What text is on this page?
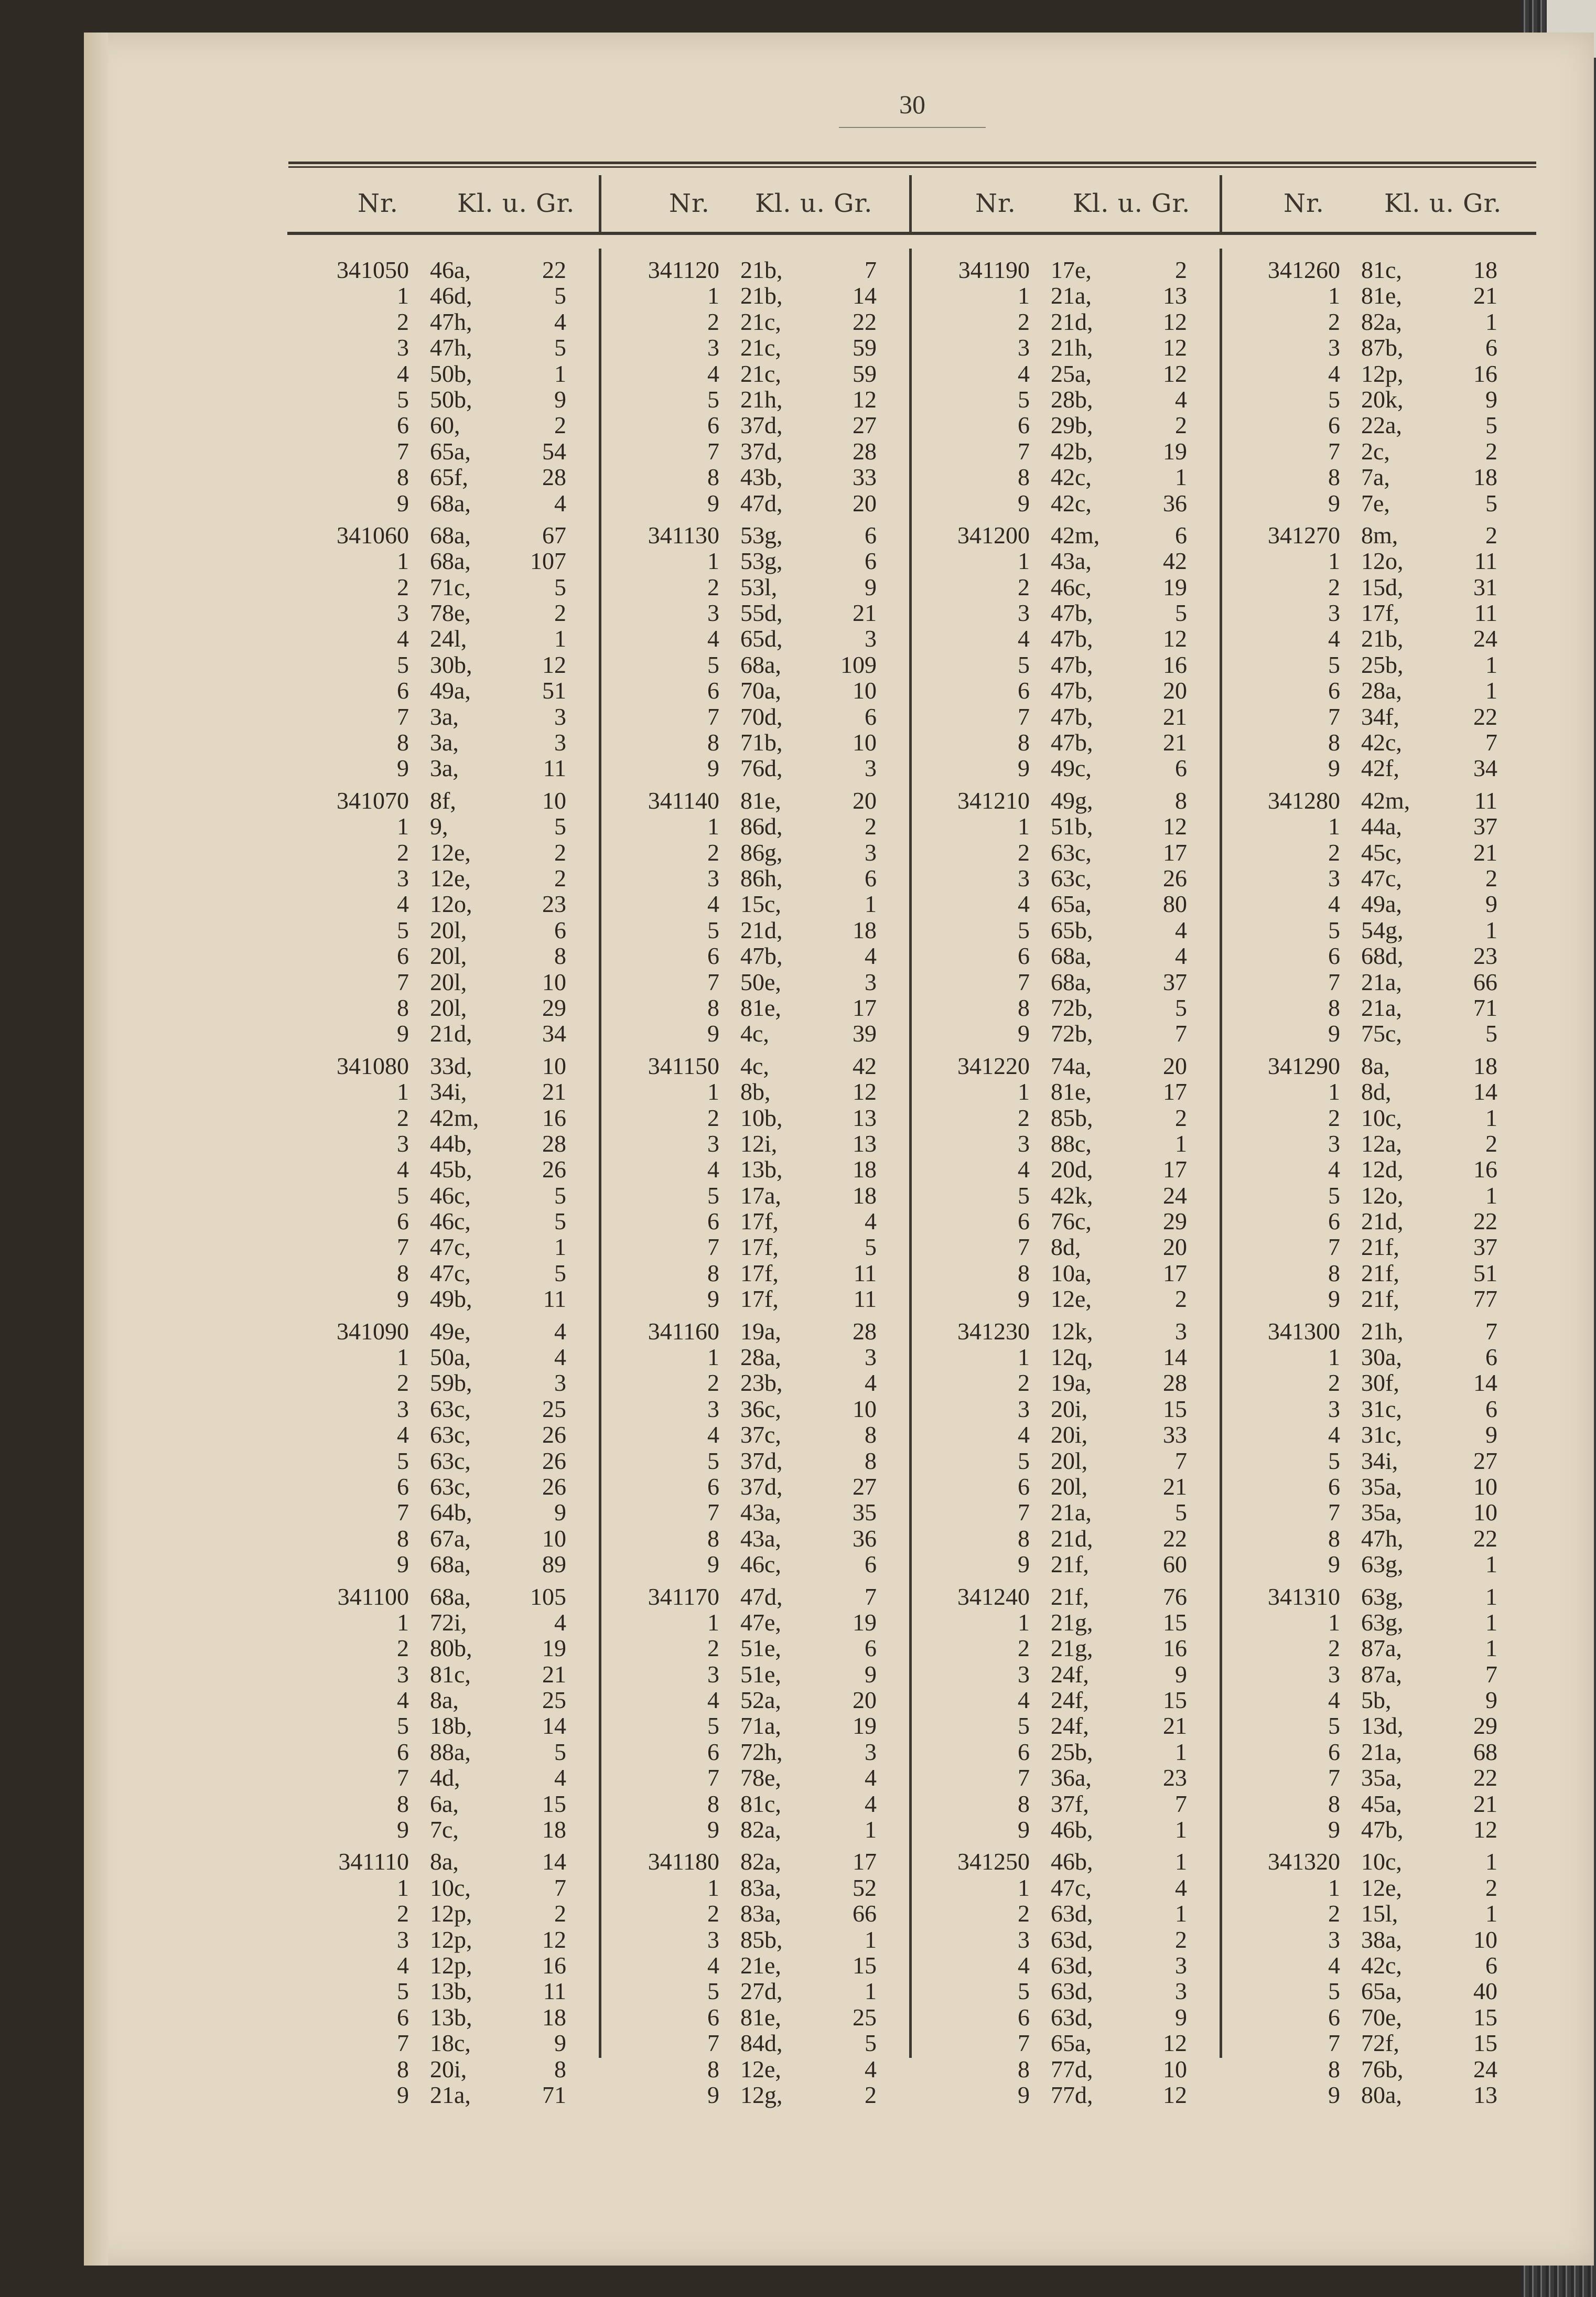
30
Nr. Kl. u. Gr.	Nr. Kl. u. Gr.	Nr. Kl. u. Gr.	Nr. Kl. u. Gr.
341050 46a,	22
1 46d,	5
2 47h,	4
3 47h,	5
4 50b,	1
5 50b,	9
6 60,	2
7 65a,	54
8 65f,	28
9 68a,	4
341060 68a,	67
1 68a, 107
2 71c,	5
3 78e,	2
4 24l,	1
5 30b,	12
6 49a,	51
7 3a,	3
8 3a,	3
9 3a,	11
341070 8f,	10
1 9,	5
2 12e,	2
3 12e,	2
4 12o,	23
5 20l,	6
6 20l,	8
7 20l,	10
8 20l,	29
9 21d,	34
341080 33d,	10
1 34i,	21
2 42m,	16
3 44b,	28
4 45b,	26
5 46c,	5
6 46c,	5
7 47c,	1
8 47c,	5
9 49b,	11
341090 49e,	4
1 50a,	4
2 59b,	3
3 63c,	25
4 63c,	26
5 63c,	26
6 63c,	26
7 64b,	9
8 67a,	10
9 68a,	89
341100 68a, 105
1 72i,	4
2 80b,	19
3 81c,	21
4 8a,	25
5 18b,	14
6 88a,	5
7 4d,	4
8 6a,	15
9 7c,	18
341110 8a,	14
1 10c,	7
2 12p,	2
3 12p,	12
4 12p,	16
5 13b,	11
6 13b,	18
7 18c,	9
8 20i,	8
9 21a,	71
341120 21b,	7
1 21b,	14
2 21c,	22
3 21c,	59
4 21c,	59
5 21h,	12
6 37d,	27
7 37d,	28
8 43b,	33
9 47d,	20
341130 53g,	6
1 53g,	6
2 53l,	9
3 55d,	21
4 65d,	3
5 68a, 109
6 70a,	10
7 70d,	6
8 71b,	10
9 76d,	3
341140 81e,	20
1 86d,	2
2 86g,	3
3 86h,	6
4 15c,	1
5 21d,	18
6 47b,	4
7 50e,	3
8 81e,	17
9 4c,	39
341150 4c,	42
1 8b,	12
2 10b,	13
3 12i,	13
4 13b,	18
5 17a,	18
6 17f,	4
7 17f,	5
8 17f,	11
9 17f,	11
341160 19a,	28
1 28a,	3
2 23b,	4
3 36c,	10
4 37c,	8
5 37d,	8
6 37d,	27
7 43a,	35
8 43a,	36
9 46c,	6
341170 47d,	7
1 47e,	19
2 51e,	6
3 51e,	9
4 52a,	20
5 71a,	19
6 72h,	3
7 78e,	4
8 81c,	4
9 82a,	1
341180 82a,	17
1 83a,	52
2 83a,	66
3 85b,	1
4 21e,	15
5 27d,	1
6 81e,	25
7 84d,	5
8 12e,	4
9 12g,	2
341190 17e,	2
1 21a,	13
2 21d,	12
3 21h,	12
4 25a,	12
5 28b,	4
6 29b,	2
7 42b,	19
8 42c,	1
9 42c,	36
341200 42m,	6
1 43a,	42
2 46c,	19
3 47b,	5
4 47b,	12
5 47b,	16
6 47b,	20
7 47b,	21
8 47b,	21
9 49c,	6
341210 49g,	8
1 51b,	12
2 63c,	17
3 63c,	26
4 65a,	80
5 65b,	4
6 68a,	4
7 68a,	37
8 72b,	5
9 72b,	7
341220 74a,	20
1 81e,	17
2 85b,	2
3 88c,	1
4 20d,	17
5 42k,	24
6 76c,	29
7 8d,	20
8 10a,	17
9 12e,	2
341230 12k,	3
1 12q,	14
2 19a,	28
3 20i,	15
4 20i,	33
5 20l,	7
6 20l,	21
7 21a,	5
8 21d,	22
9 21f,	60
341240 21f,	76
1 21g,	15
2 21g,	16
3 24f,	9
4 24f,	15
5 24f,	21
6 25b,	1
7 36a,	23
8 37f,	7
9 46b,	1
341250 46b,	1
1 47c,	4
2 63d,	1
3 63d,	2
4 63d,	3
5 63d,	3
6 63d,	9
7 65a,	12
8 77d,	10
9 77d,	12
341260 81c,	18
1 81e,	21
2 82a,	1
3 87b,	6
4 12p,	16
5 20k,	9
6 22a,	5
7 2c,	2
8 7a,	18
9 7e,	5
341270 8m,	2
1 12o,	11
2 15d,	31
3 17f,	11
4 21b,	24
5 25b,	1
6 28a,	1
7 34f,	22
8 42c,	7
9 42f,	34
341280 42m,	11
1 44a,	37
2 45c,	21
3 47c,	2
4 49a,	9
5 54g,	1
6 68d,	23
7 21a,	66
8 21a,	71
9 75c,	5
341290 8a,	18
1 8d,	14
2 10c,	1
3 12a,	2
4 12d,	16
5 12o,	1
6 21d,	22
7 21f,	37
8 21f,	51
9 21f,	77
341300 21h,	7
1 30a,	6
2 30f,	14
3 31c,	6
4 31c,	9
5 34i,	27
6 35a,	10
7 35a,	10
8 47h,	22
9 63g,	1
341310 63g,	1
1 63g,	1
2 87a,	1
3 87a,	7
4 5b,	9
5 13d,	29
6 21a,	68
7 35a,	22
8 45a,	21
9 47b,	12
341320 10c,	1
1 12e,	2
2 15l,	1
3 38a,	10
4 42c,	6
5 65a,	40
6 70e,	15
7 72f,	15
8 76b,	24
9 80a,	13
